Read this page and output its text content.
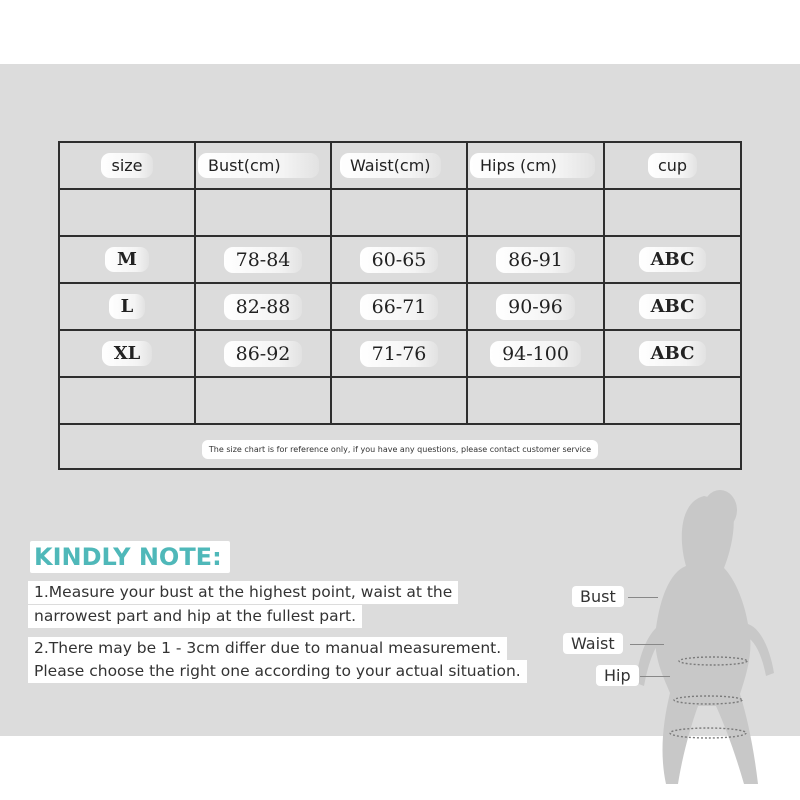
size	Bust(cm)	Waist(cm)	Hips (cm)	cup

M	78-84	60-65	86-91	ABC
L	82-88	66-71	90-96	ABC
XL	86-92	71-76	94-100	ABC

The size chart is for reference only, if you have any questions, please contact customer service				
KINDLY NOTE:
1.Measure your bust at the highest point, waist at the
narrowest part and hip at the fullest part.
2.There may be 1 - 3cm differ due to manual measurement.
Please choose the right one according to your actual situation.
Bust
Waist
Hip
